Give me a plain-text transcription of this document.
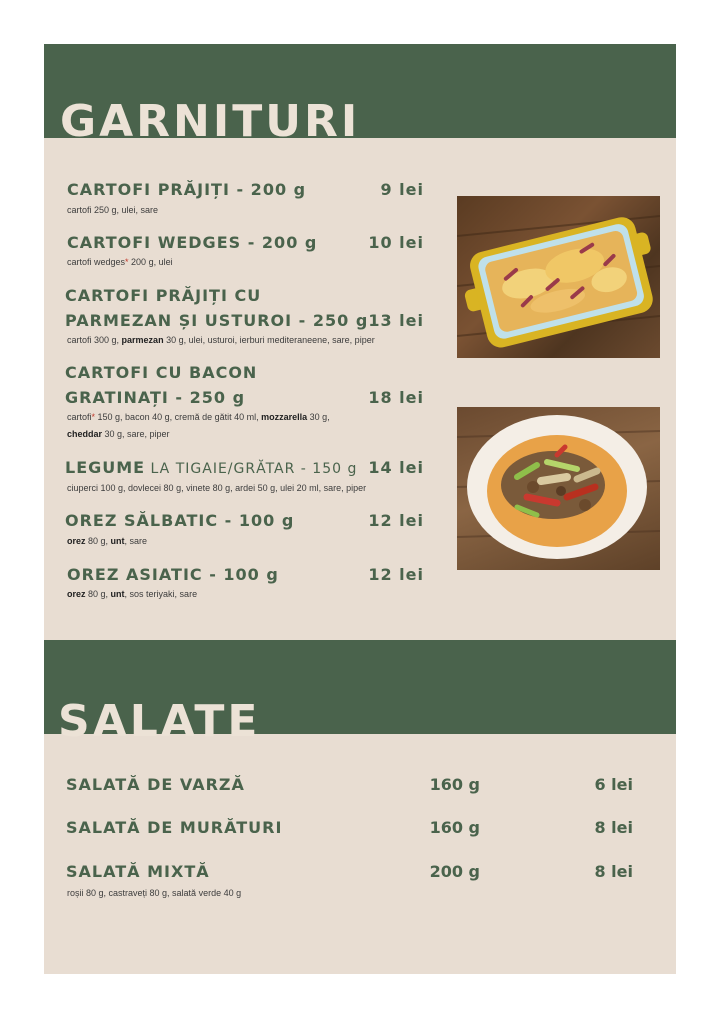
GARNITURI
CARTOFI PRĂJIȚI - 200 g	9 lei
cartofi 250 g, ulei, sare
CARTOFI WEDGES - 200 g	10 lei
cartofi wedges* 200 g, ulei
CARTOFI PRĂJIȚI CU
PARMEZAN ȘI USTUROI - 250 g 13 lei
cartofi 300 g, parmezan 30 g, ulei, usturoi, ierburi mediteraneene, sare, piper
CARTOFI CU BACON
GRATINAȚI - 250 g	18 lei
cartofi* 150 g, bacon 40 g, cremă de gătit 40 ml, mozzarella 30 g,
cheddar 30 g, sare, piper
LEGUME LA TIGAIE/GRĂTAR - 150 g 14 lei
ciuperci 100 g, dovlecei 80 g, vinete 80 g, ardei 50 g, ulei 20 ml, sare, piper
OREZ SĂLBATIC - 100 g	12 lei
orez 80 g, unt, sare
OREZ ASIATIC - 100 g	12 lei
orez 80 g, unt, sos teriyaki, sare
SALATE
SALATĂ DE VARZĂ	160 g	6 lei
SALATĂ DE MURĂTURI	160 g	8 lei
SALATĂ MIXTĂ	200 g	8 lei
roșii 80 g, castraveți 80 g, salată verde 40 g
